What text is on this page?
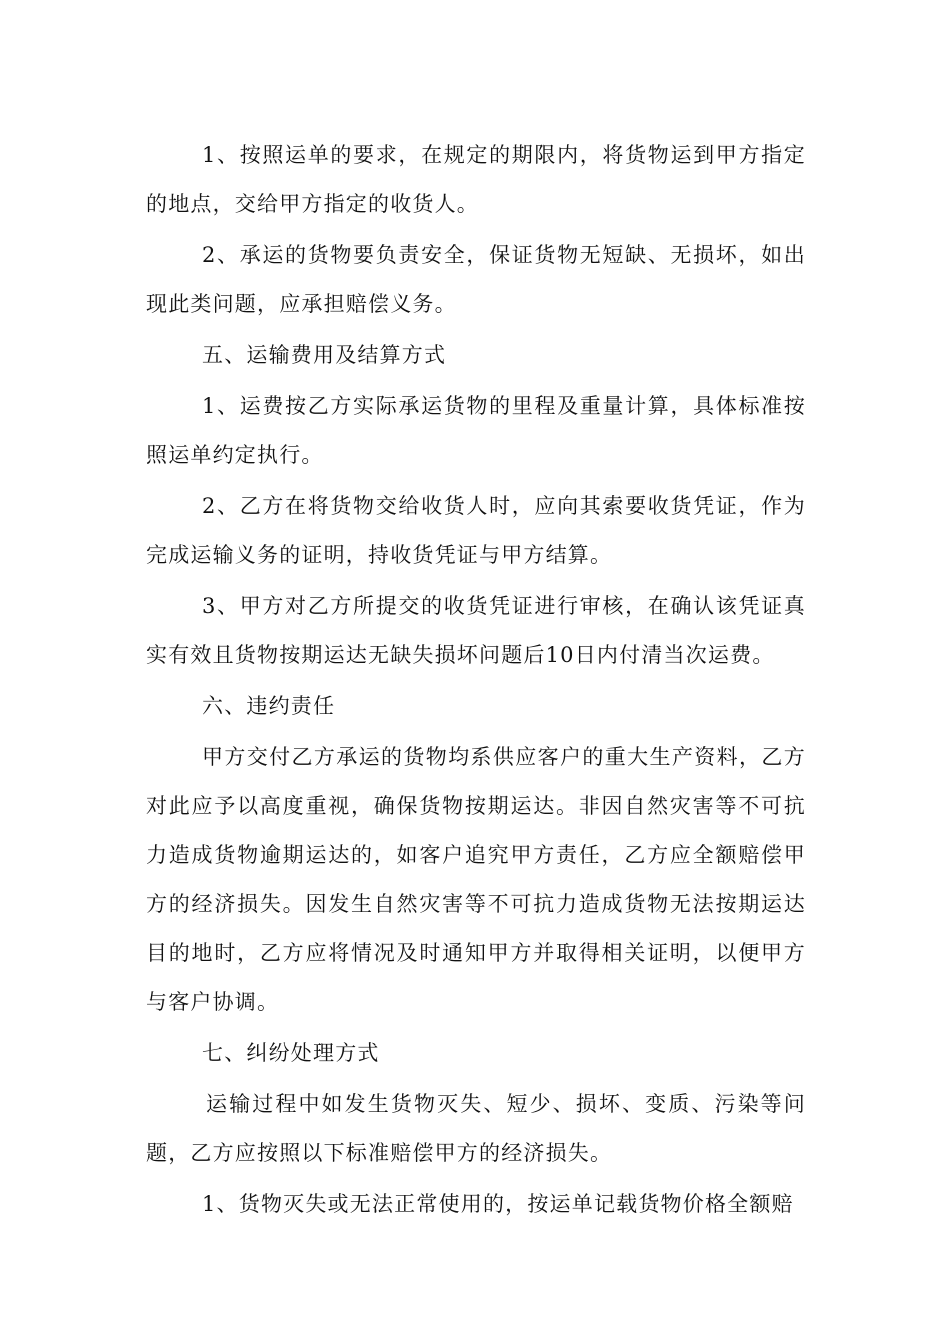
1、按照运单的要求，在规定的期限内，将货物运到甲方指定的地点，交给甲方指定的收货人。

2、承运的货物要负责安全，保证货物无短缺、无损坏，如出现此类问题，应承担赔偿义务。

五、运输费用及结算方式

1、运费按乙方实际承运货物的里程及重量计算，具体标准按照运单约定执行。

2、乙方在将货物交给收货人时，应向其索要收货凭证，作为完成运输义务的证明，持收货凭证与甲方结算。

3、甲方对乙方所提交的收货凭证进行审核，在确认该凭证真实有效且货物按期运达无缺失损坏问题后10日内付清当次运费。

六、违约责任

甲方交付乙方承运的货物均系供应客户的重大生产资料，乙方对此应予以高度重视，确保货物按期运达。非因自然灾害等不可抗力造成货物逾期运达的，如客户追究甲方责任，乙方应全额赔偿甲方的经济损失。因发生自然灾害等不可抗力造成货物无法按期运达目的地时，乙方应将情况及时通知甲方并取得相关证明，以便甲方与客户协调。

七、纠纷处理方式

运输过程中如发生货物灭失、短少、损坏、变质、污染等问题，乙方应按照以下标准赔偿甲方的经济损失。

1、货物灭失或无法正常使用的，按运单记载货物价格全额赔
